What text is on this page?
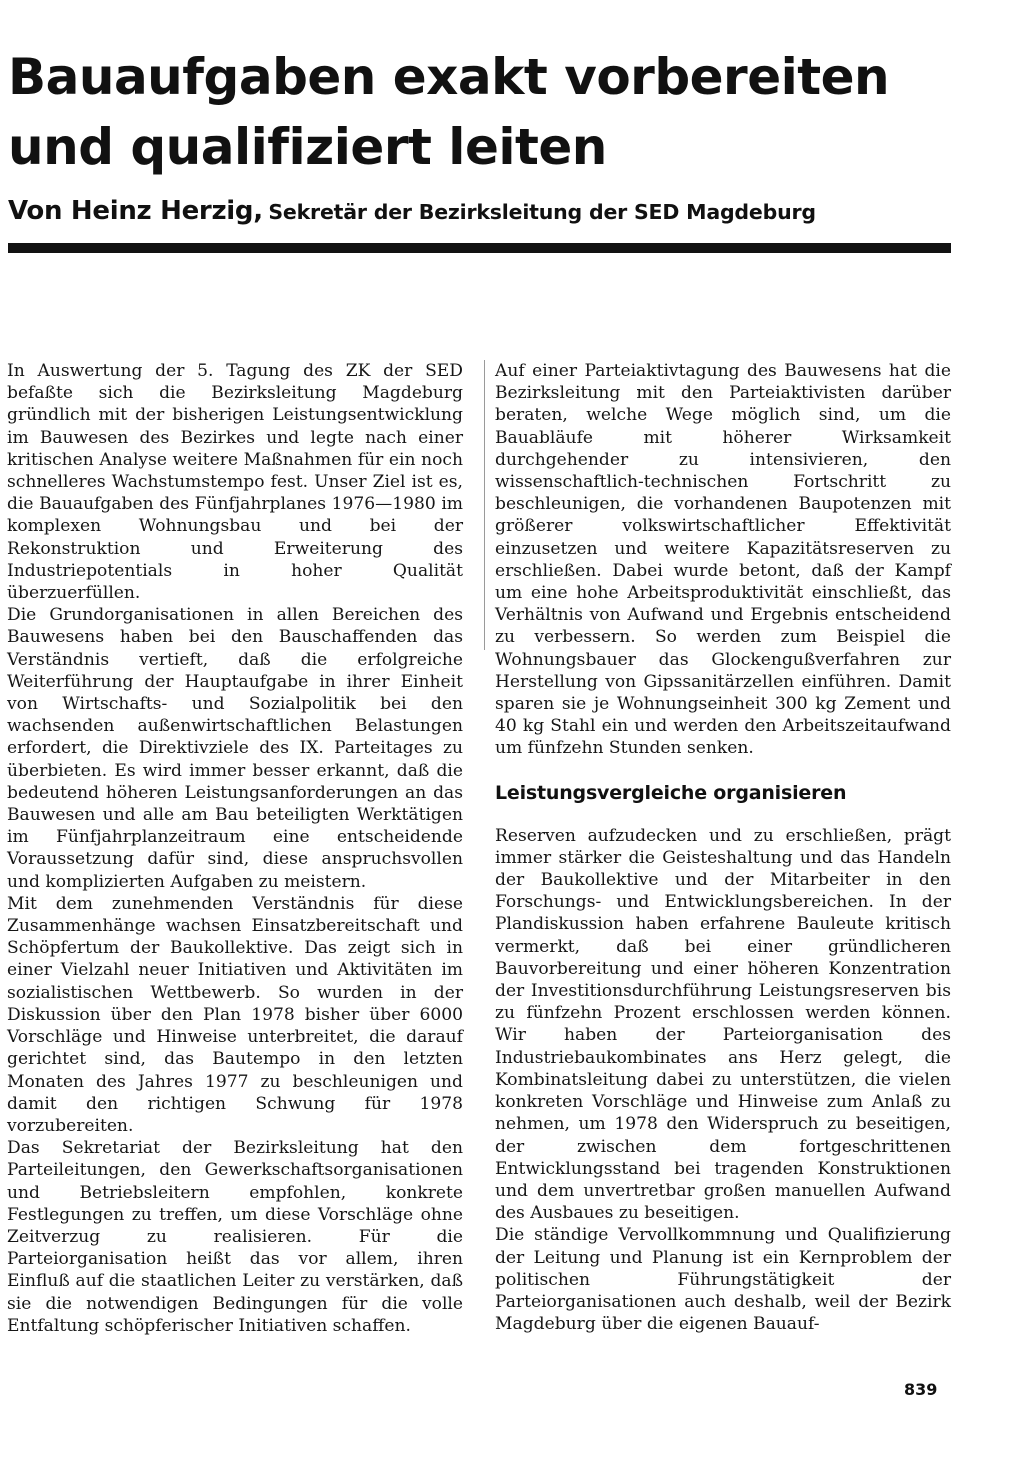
Bauaufgaben exakt vorbereiten und qualifiziert leiten
Von Heinz Herzig, Sekretär der Bezirksleitung der SED Magdeburg

In Auswertung der 5. Tagung des ZK der SED befaßte sich die Bezirksleitung Magdeburg gründlich mit der bisherigen Leistungsentwicklung im Bauwesen des Bezirkes und legte nach einer kritischen Analyse weitere Maßnahmen für ein noch schnelleres Wachstumstempo fest. Unser Ziel ist es, die Bauaufgaben des Fünfjahrplanes 1976—1980 im komplexen Wohnungsbau und bei der Rekonstruktion und Erweiterung des Industriepotentials in hoher Qualität überzuerfüllen.

Die Grundorganisationen in allen Bereichen des Bauwesens haben bei den Bauschaffenden das Verständnis vertieft, daß die erfolgreiche Weiterführung der Hauptaufgabe in ihrer Einheit von Wirtschafts- und Sozialpolitik bei den wachsenden außenwirtschaftlichen Belastungen erfordert, die Direktivziele des IX. Parteitages zu überbieten. Es wird immer besser erkannt, daß die bedeutend höheren Leistungsanforderungen an das Bauwesen und alle am Bau beteiligten Werktätigen im Fünfjahrplanzeitraum eine entscheidende Voraussetzung dafür sind, diese anspruchsvollen und komplizierten Aufgaben zu meistern.

Mit dem zunehmenden Verständnis für diese Zusammenhänge wachsen Einsatzbereitschaft und Schöpfertum der Baukollektive. Das zeigt sich in einer Vielzahl neuer Initiativen und Aktivitäten im sozialistischen Wettbewerb. So wurden in der Diskussion über den Plan 1978 bisher über 6000 Vorschläge und Hinweise unterbreitet, die darauf gerichtet sind, das Bautempo in den letzten Monaten des Jahres 1977 zu beschleunigen und damit den richtigen Schwung für 1978 vorzubereiten.

Das Sekretariat der Bezirksleitung hat den Parteileitungen, den Gewerkschaftsorganisationen und Betriebsleitern empfohlen, konkrete Festlegungen zu treffen, um diese Vorschläge ohne Zeitverzug zu realisieren. Für die Parteiorganisation heißt das vor allem, ihren Einfluß auf die staatlichen Leiter zu verstärken, daß sie die notwendigen Bedingungen für die volle Entfaltung schöpferischer Initiativen schaffen.

Auf einer Parteiaktivtagung des Bauwesens hat die Bezirksleitung mit den Parteiaktivisten darüber beraten, welche Wege möglich sind, um die Bauabläufe mit höherer Wirksamkeit durchgehender zu intensivieren, den wissenschaftlich-technischen Fortschritt zu beschleunigen, die vorhandenen Baupotenzen mit größerer volkswirtschaftlicher Effektivität einzusetzen und weitere Kapazitätsreserven zu erschließen. Dabei wurde betont, daß der Kampf um eine hohe Arbeitsproduktivität einschließt, das Verhältnis von Aufwand und Ergebnis entscheidend zu verbessern. So werden zum Beispiel die Wohnungsbauer das Glockengußverfahren zur Herstellung von Gipssanitärzellen einführen. Damit sparen sie je Wohnungseinheit 300 kg Zement und 40 kg Stahl ein und werden den Arbeitszeitaufwand um fünfzehn Stunden senken.

Leistungsvergleiche organisieren

Reserven aufzudecken und zu erschließen, prägt immer stärker die Geisteshaltung und das Handeln der Baukollektive und der Mitarbeiter in den Forschungs- und Entwicklungsbereichen. In der Plandiskussion haben erfahrene Bauleute kritisch vermerkt, daß bei einer gründlicheren Bauvorbereitung und einer höheren Konzentration der Investitionsdurchführung Leistungsreserven bis zu fünfzehn Prozent erschlossen werden können. Wir haben der Parteiorganisation des Industriebaukombinates ans Herz gelegt, die Kombinatsleitung dabei zu unterstützen, die vielen konkreten Vorschläge und Hinweise zum Anlaß zu nehmen, um 1978 den Widerspruch zu beseitigen, der zwischen dem fortgeschrittenen Entwicklungsstand bei tragenden Konstruktionen und dem unvertretbar großen manuellen Aufwand des Ausbaues zu beseitigen.

Die ständige Vervollkommnung und Qualifizierung der Leitung und Planung ist ein Kernproblem der politischen Führungstätigkeit der Parteiorganisationen auch deshalb, weil der Bezirk Magdeburg über die eigenen Bauauf-

839
